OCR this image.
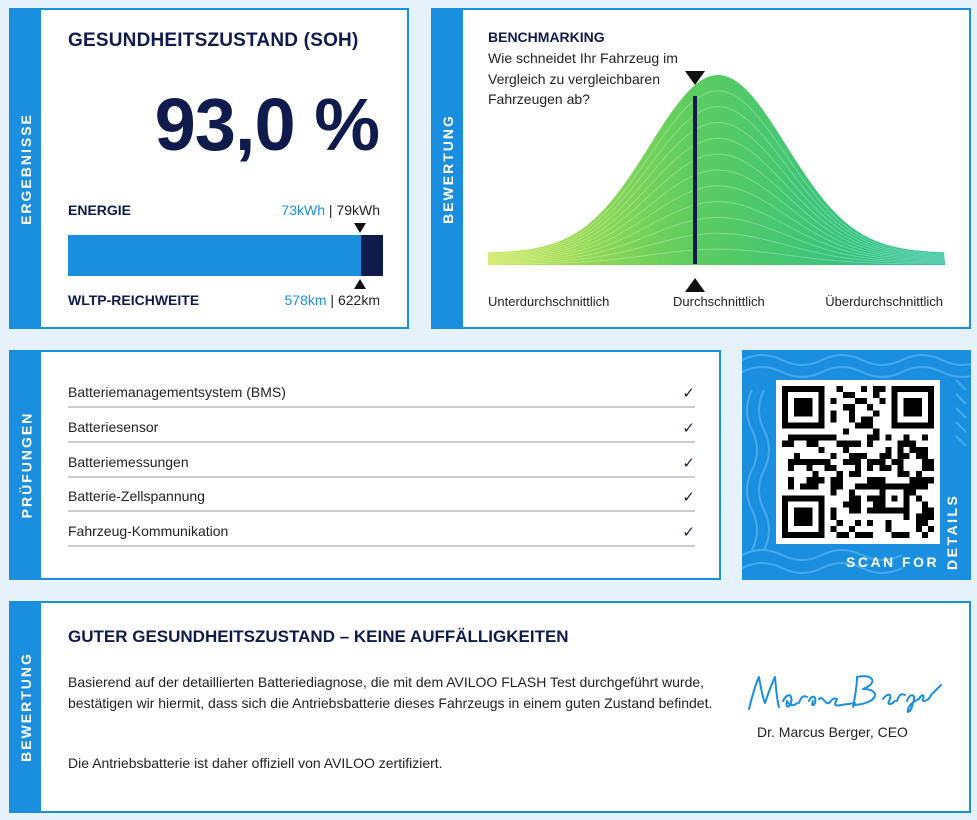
ERGEBNISSE
GESUNDHEITSZUSTAND (SOH)
93,0 %
ENERGIE	73kWh | 79kWh
WLTP-REICHWEITE	578km | 622km
BEWERTUNG
BENCHMARKING
Wie schneidet Ihr Fahrzeug im Vergleich zu vergleichbaren Fahrzeugen ab?
Unterdurchschnittlich	Durchschnittlich	Überdurchschnittlich
PRÜFUNGEN
Batteriemanagementsystem (BMS)	✓
Batteriesensor	✓
Batteriemessungen	✓
Batterie-Zellspannung	✓
Fahrzeug-Kommunikation	✓
SCAN FOR DETAILS
BEWERTUNG
GUTER GESUNDHEITSZUSTAND – KEINE AUFFÄLLIGKEITEN
Basierend auf der detaillierten Batteriediagnose, die mit dem AVILOO FLASH Test durchgeführt wurde, bestätigen wir hiermit, dass sich die Antriebsbatterie dieses Fahrzeugs in einem guten Zustand befindet.
Die Antriebsbatterie ist daher offiziell von AVILOO zertifiziert.
Dr. Marcus Berger, CEO
